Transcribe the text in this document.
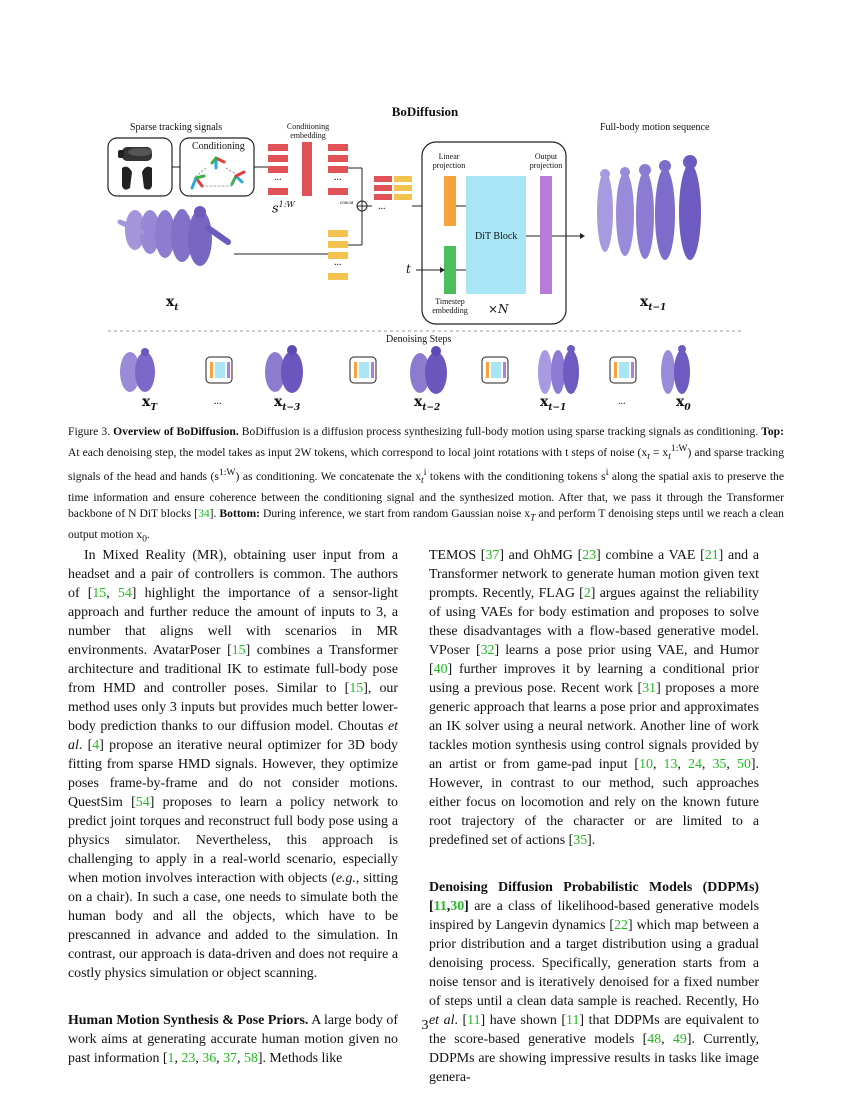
BoDiffusion
Sparse tracking signals
Conditioning
Conditioning
embedding
...	...
...
...
$s^{1:W}$	concat
Linear
projection
Output
projection
DiT Block
Timestep
embedding
t
×N
Full-body motion sequence
$x_t$	$x_{t-1}$
Denoising Steps
$x_T$
...	$x_{t-3}$	$x_{t-2}$	$x_{t-1}$
...	$x_0$
Figure 3. Overview of BoDiffusion. BoDiffusion is a diffusion process synthesizing full-body motion using sparse tracking signals as conditioning. Top: At each denoising step, the model takes as input 2W tokens, which correspond to local joint rotations with t steps of noise $(x_t = x_t^{1:W})$ and sparse tracking signals of the head and hands $(s^{1:W})$ as conditioning. We concatenate the $x_t^i$ tokens with the conditioning tokens $s^i$ along the spatial axis to preserve the time information and ensure coherence between the conditioning signal and the synthesized motion. After that, we pass it through the Transformer backbone of N DiT blocks [34]. Bottom: During inference, we start from random Gaussian noise $x_T$ and perform T denoising steps until we reach a clean output motion $x_0$.

In Mixed Reality (MR), obtaining user input from a headset and a pair of controllers is common. The authors of [15, 54] highlight the importance of a sensor-light approach and further reduce the amount of inputs to 3, a number that aligns well with scenarios in MR environments. AvatarPoser [15] combines a Transformer architecture and traditional IK to estimate full-body pose from HMD and controller poses. Similar to [15], our method uses only 3 inputs but provides much better lower-body prediction thanks to our diffusion model. Choutas et al. [4] propose an iterative neural optimizer for 3D body fitting from sparse HMD signals. However, they optimize poses frame-by-frame and do not consider motions. QuestSim [54] proposes to learn a policy network to predict joint torques and reconstruct full body pose using a physics simulator. Nevertheless, this approach is challenging to apply in a real-world scenario, especially when motion involves interaction with objects (e.g., sitting on a chair). In such a case, one needs to simulate both the human body and all the objects, which have to be prescanned in advance and added to the simulation. In contrast, our approach is data-driven and does not require a costly physics simulation or object scanning.

Human Motion Synthesis & Pose Priors. A large body of work aims at generating accurate human motion given no past information [1, 23, 36, 37, 58]. Methods like

TEMOS [37] and OhMG [23] combine a VAE [21] and a Transformer network to generate human motion given text prompts. Recently, FLAG [2] argues against the reliability of using VAEs for body estimation and proposes to solve these disadvantages with a flow-based generative model. VPoser [32] learns a pose prior using VAE, and Humor [40] further improves it by learning a conditional prior using a previous pose. Recent work [31] proposes a more generic approach that learns a pose prior and approximates an IK solver using a neural network. Another line of work tackles motion synthesis using control signals provided by an artist or from game-pad input [10, 13, 24, 35, 50]. However, in contrast to our method, such approaches either focus on locomotion and rely on the known future root trajectory of the character or are limited to a predefined set of actions [35].

Denoising Diffusion Probabilistic Models (DDPMs) [11,30] are a class of likelihood-based generative models inspired by Langevin dynamics [22] which map between a prior distribution and a target distribution using a gradual denoising process. Specifically, generation starts from a noise tensor and is iteratively denoised for a fixed number of steps until a clean data sample is reached. Recently, Ho et al. [11] have shown [11] that DDPMs are equivalent to the score-based generative models [48, 49]. Currently, DDPMs are showing impressive results in tasks like image genera-

3
